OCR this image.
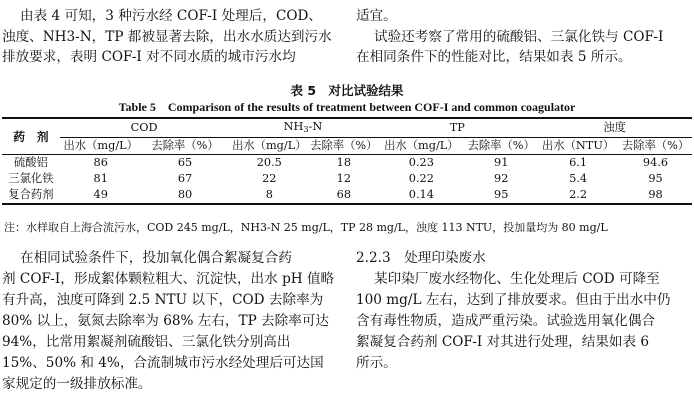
由表 4 可知，3 种污水经 COF-I 处理后，COD、
浊度、NH3-N，TP 都被显著去除，出水水质达到污水
排放要求，表明 COF-I 对不同水质的城市污水均
适宜。
试验还考察了常用的硫酸铝、三氯化铁与 COF-I
在相同条件下的性能对比，结果如表 5 所示。
表 5　对比试验结果
Table 5　Comparison of the results of treatment between COF-I and common coagulator
药　剂	COD		$NH_3-N$		TP		浊度	
	出水（mg/L）	去除率（%）	出水（mg/L）	去除率（%）	出水（mg/L）	去除率（%）	出水（NTU）	去除率（%）
硫酸铝	86	65	20.5	18	0.23	91	6.1	94.6
三氯化铁	81	67	22	12	0.22	92	5.4	95
复合药剂	49	80	8	68	0.14	95	2.2	98
注：水样取自上海合流污水，COD 245 mg/L，NH3-N 25 mg/L，TP 28 mg/L，浊度 113 NTU，投加量均为 80 mg/L
在相同试验条件下，投加氧化偶合絮凝复合药
剂 COF-I，形成絮体颗粒粗大、沉淀快，出水 pH 值略
有升高，浊度可降到 2.5 NTU 以下，COD 去除率为
80% 以上，氨氮去除率为 68% 左右，TP 去除率可达
94%，比常用絮凝剂硫酸铝、三氯化铁分别高出
15%、50% 和 4%，合流制城市污水经处理后可达国
家规定的一级排放标准。
2.2.3　处理印染废水
某印染厂废水经物化、生化处理后 COD 可降至
100 mg/L 左右，达到了排放要求。但由于出水中仍
含有毒性物质，造成严重污染。试验选用氧化偶合
絮凝复合药剂 COF-I 对其进行处理，结果如表 6
所示。
